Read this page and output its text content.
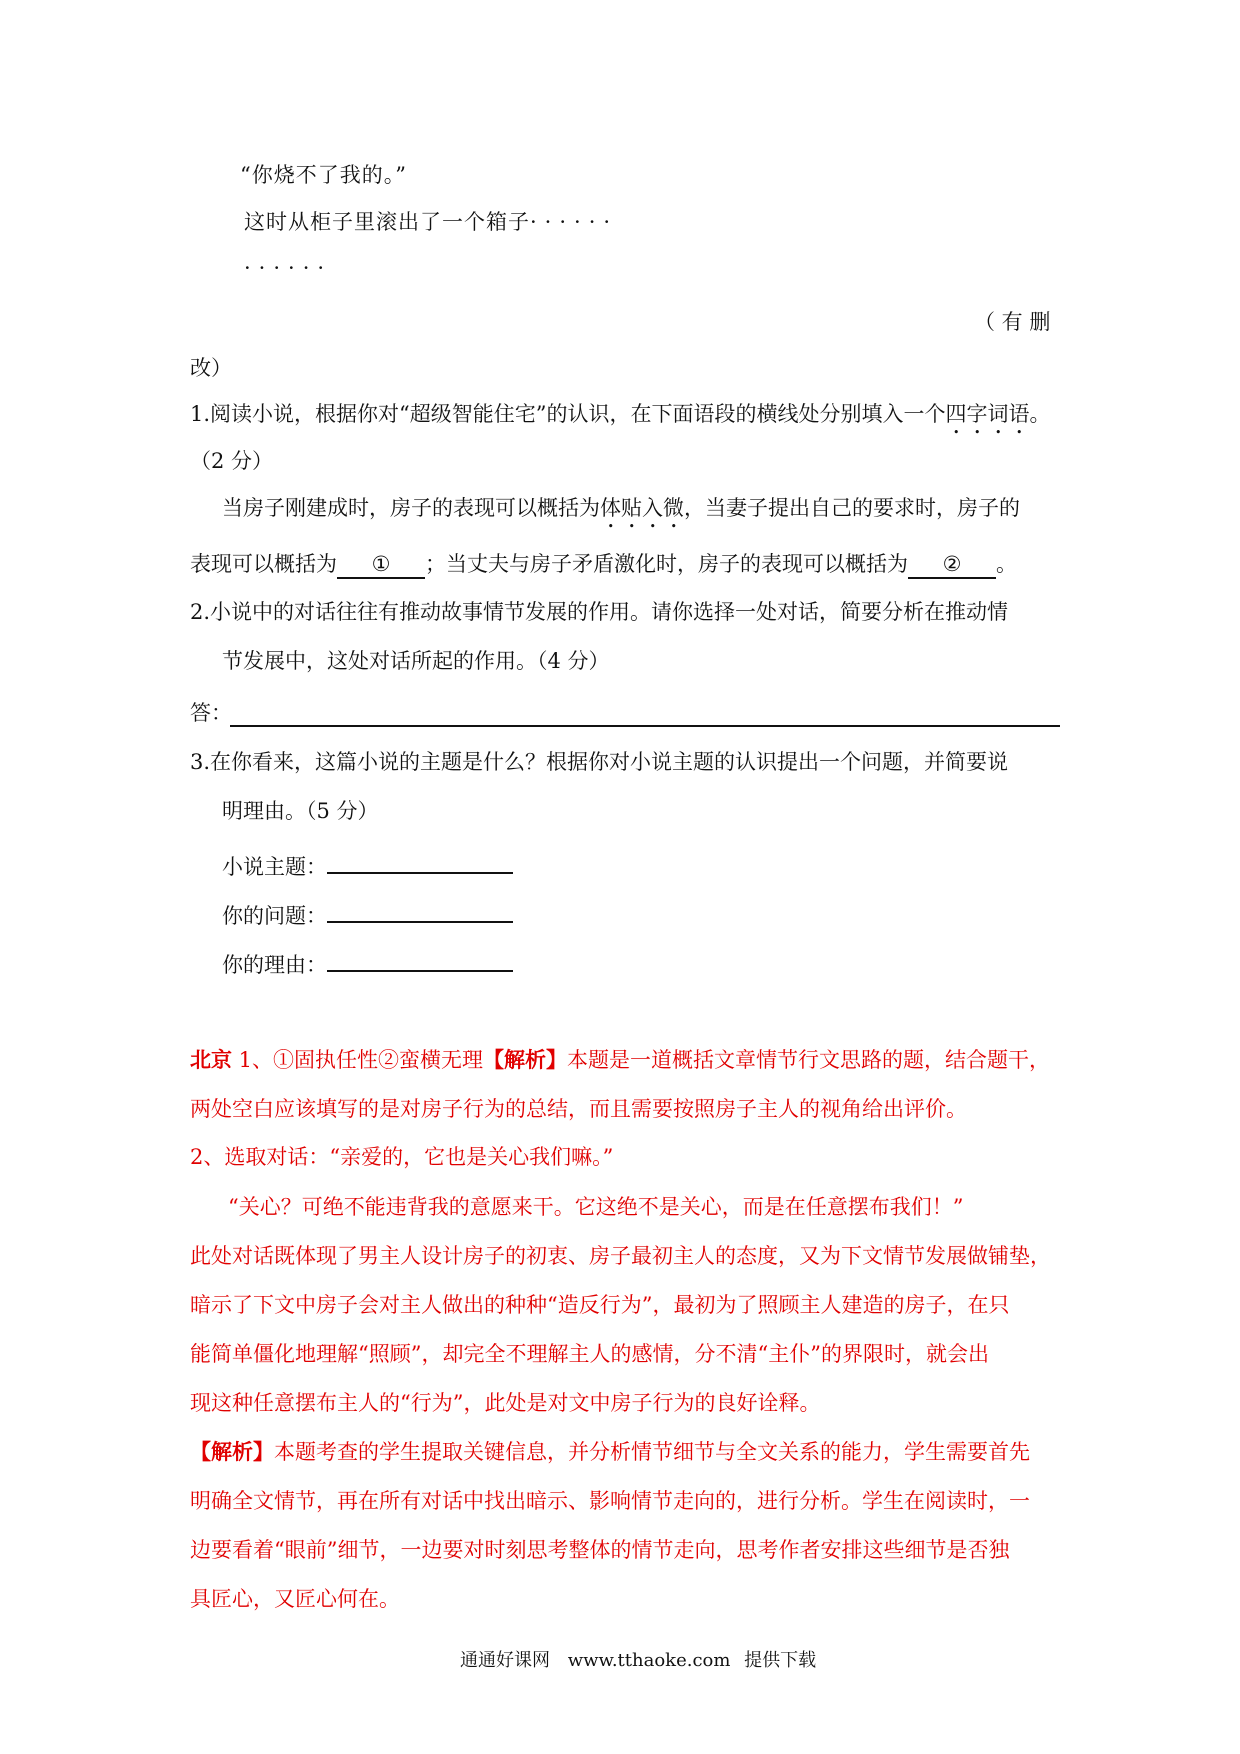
“你烧不了我的。”
这时从柜子里滚出了一个箱子······
······
（ 有 删
改）
1.阅读小说，根据你对“超级智能住宅”的认识，在下面语段的横线处分别填入一个四字词语。
（2 分）
当房子刚建成时，房子的表现可以概括为体贴入微，当妻子提出自己的要求时，房子的
表现可以概括为 ① ；当丈夫与房子矛盾激化时，房子的表现可以概括为 ② 。
2.小说中的对话往往有推动故事情节发展的作用。请你选择一处对话，简要分析在推动情
节发展中，这处对话所起的作用。（4 分）
答：
3.在你看来，这篇小说的主题是什么？根据你对小说主题的认识提出一个问题，并简要说
明理由。（5 分）
小说主题：
你的问题：
你的理由：
北京 1、①固执任性②蛮横无理【解析】本题是一道概括文章情节行文思路的题，结合题干，
两处空白应该填写的是对房子行为的总结，而且需要按照房子主人的视角给出评价。
2、选取对话：“亲爱的，它也是关心我们嘛。”
“关心？可绝不能违背我的意愿来干。它这绝不是关心，而是在任意摆布我们！”
此处对话既体现了男主人设计房子的初衷、房子最初主人的态度，又为下文情节发展做铺垫，
暗示了下文中房子会对主人做出的种种“造反行为”，最初为了照顾主人建造的房子，在只
能简单僵化地理解“照顾”，却完全不理解主人的感情，分不清“主仆”的界限时，就会出
现这种任意摆布主人的“行为”，此处是对文中房子行为的良好诠释。
【解析】本题考查的学生提取关键信息，并分析情节细节与全文关系的能力，学生需要首先
明确全文情节，再在所有对话中找出暗示、影响情节走向的，进行分析。学生在阅读时，一
边要看着“眼前”细节，一边要对时刻思考整体的情节走向，思考作者安排这些细节是否独
具匠心，又匠心何在。
通通好课网 www.tthaoke.com 提供下载
